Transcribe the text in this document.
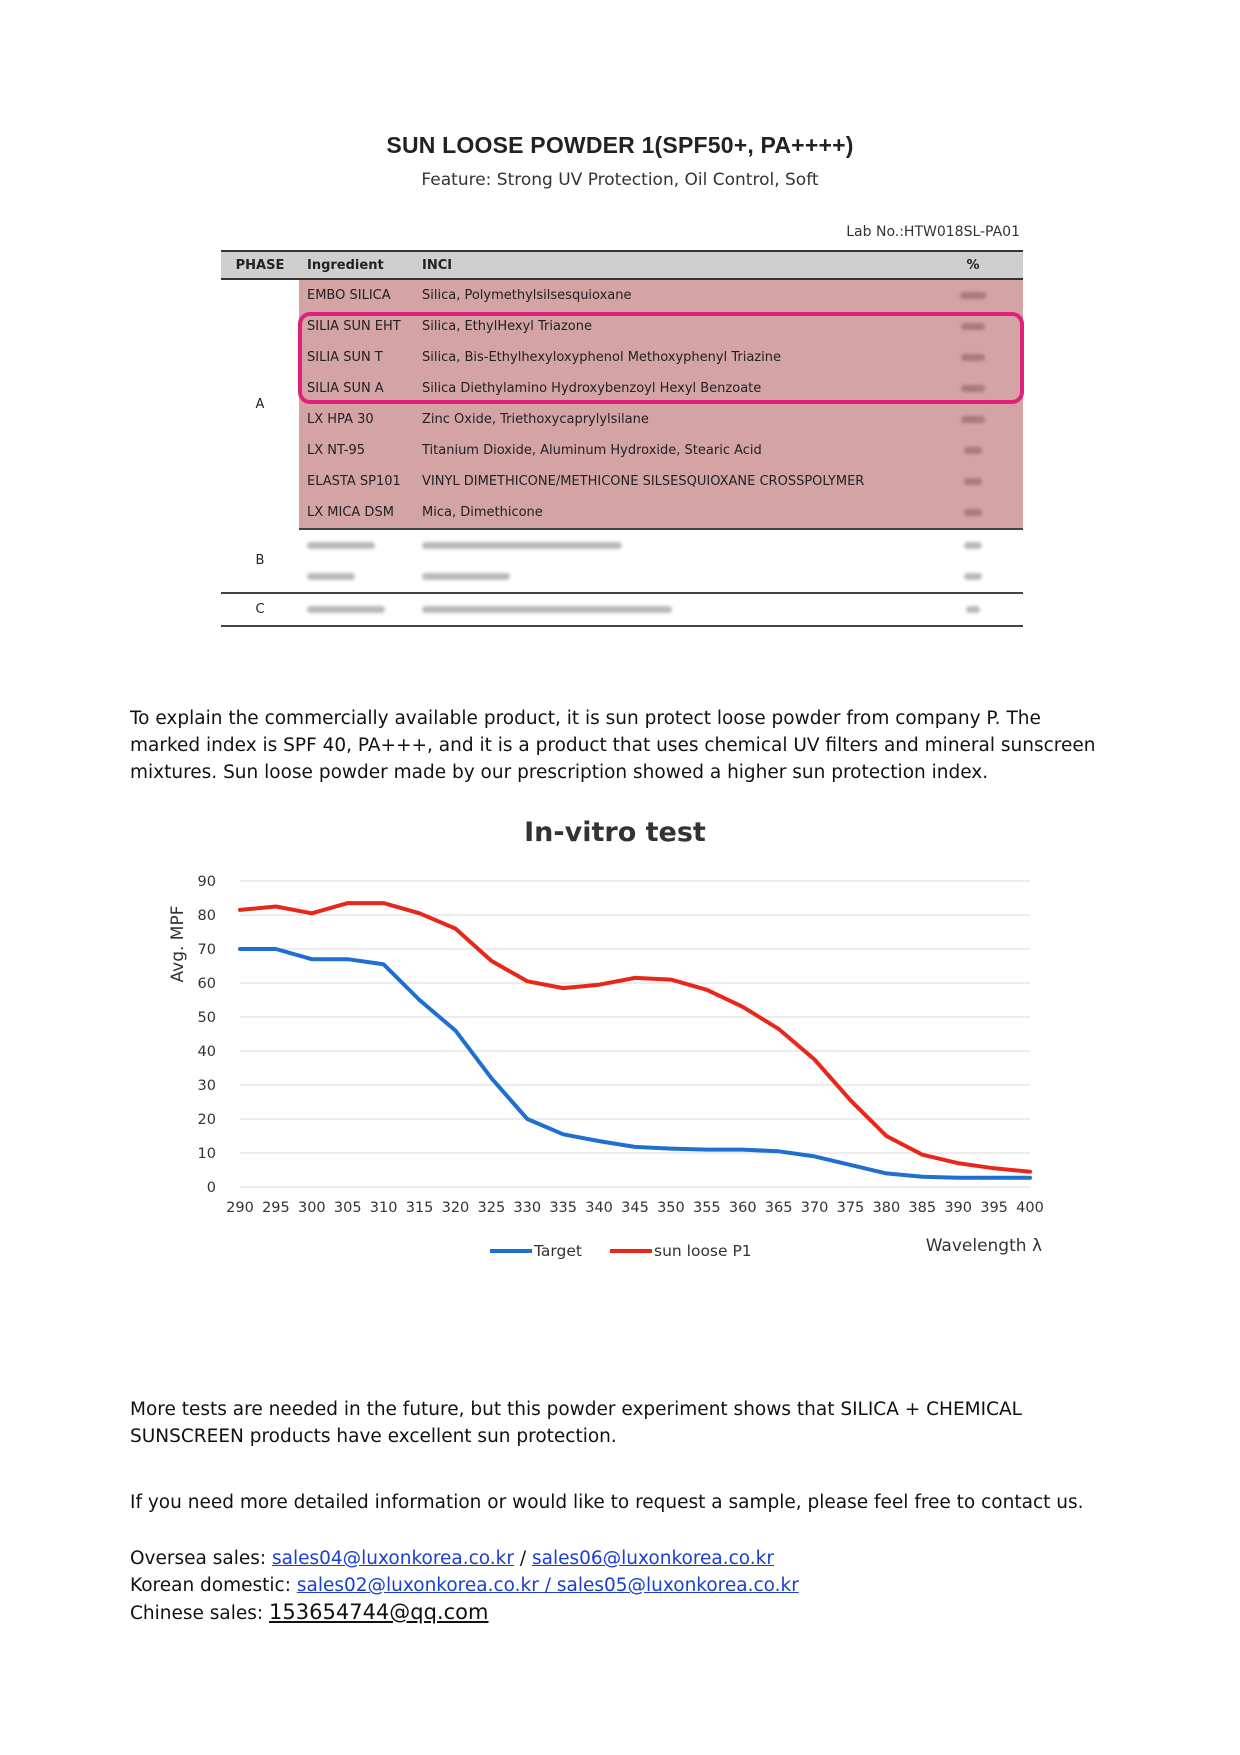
SUN LOOSE POWDER 1(SPF50+, PA++++)
Feature: Strong UV Protection, Oil Control, Soft
Lab No.:HTW018SL-PA01
PHASE	Ingredient	INCI	%
A	EMBO SILICA	Silica, Polymethylsilsesquioxane	
	SILIA SUN EHT	Silica, EthylHexyl Triazone	
	SILIA SUN T	Silica, Bis-Ethylhexyloxyphenol Methoxyphenyl Triazine	
	SILIA SUN A	Silica Diethylamino Hydroxybenzoyl Hexyl Benzoate	
	LX HPA 30	Zinc Oxide, Triethoxycaprylylsilane	
	LX NT-95	Titanium Dioxide, Aluminum Hydroxide, Stearic Acid	
	ELASTA SP101	VINYL DIMETHICONE/METHICONE SILSESQUIOXANE CROSSPOLYMER	
	LX MICA DSM	Mica, Dimethicone	
B			

C			
To explain the commercially available product, it is sun protect loose powder from company P. The marked index is SPF 40, PA+++, and it is a product that uses chemical UV filters and mineral sunscreen mixtures. Sun loose powder made by our prescription showed a higher sun protection index.
In-vitro test
0
10
20
30
40
50
60
70
80
90
290 295 300 305 310 315 320 325 330 335 340 345 350 355 360 365 370 375 380 385 390 395 400
Avg. MPF
Wavelength λ
Target	sun loose P1
More tests are needed in the future, but this powder experiment shows that SILICA + CHEMICAL SUNSCREEN products have excellent sun protection.
If you need more detailed information or would like to request a sample, please feel free to contact us.
Oversea sales: sales04@luxonkorea.co.kr / sales06@luxonkorea.co.kr
Korean domestic: sales02@luxonkorea.co.kr / sales05@luxonkorea.co.kr
Chinese sales: 153654744@qq.com
